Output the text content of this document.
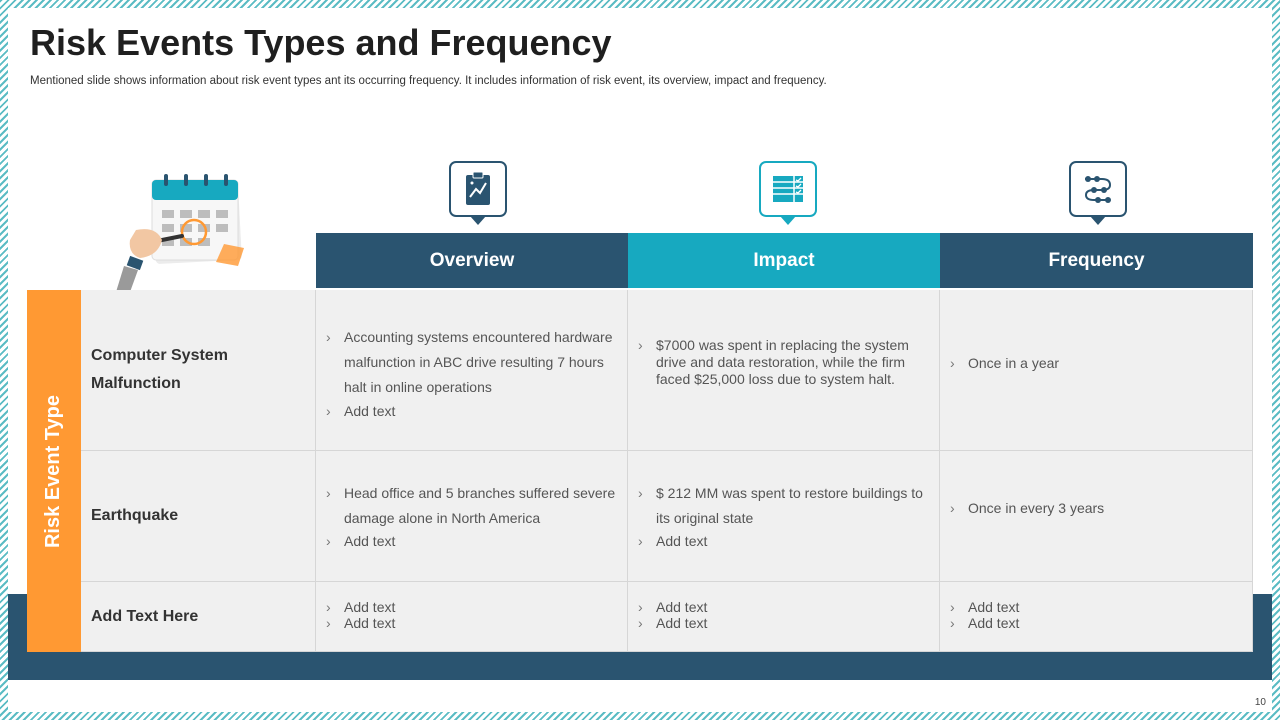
Risk Events Types and Frequency
Mentioned slide shows information about risk event types ant its occurring frequency. It includes information of risk event, its overview, impact and frequency.
Overview	Impact	Frequency
Risk Event Type
Computer System Malfunction
› Accounting systems encountered hardware malfunction in ABC drive resulting 7 hours halt in online operations
› Add text
› $7000 was spent in replacing the system drive and data restoration, while the firm faced $25,000 loss due to system halt.
› Once in a year
Earthquake
› Head office and 5 branches suffered severe damage alone in North America
› Add text
› $ 212 MM was spent to restore buildings to its original state
› Add text
› Once in every 3 years
Add Text Here
› Add text
› Add text
› Add text
› Add text
› Add text
› Add text
10
